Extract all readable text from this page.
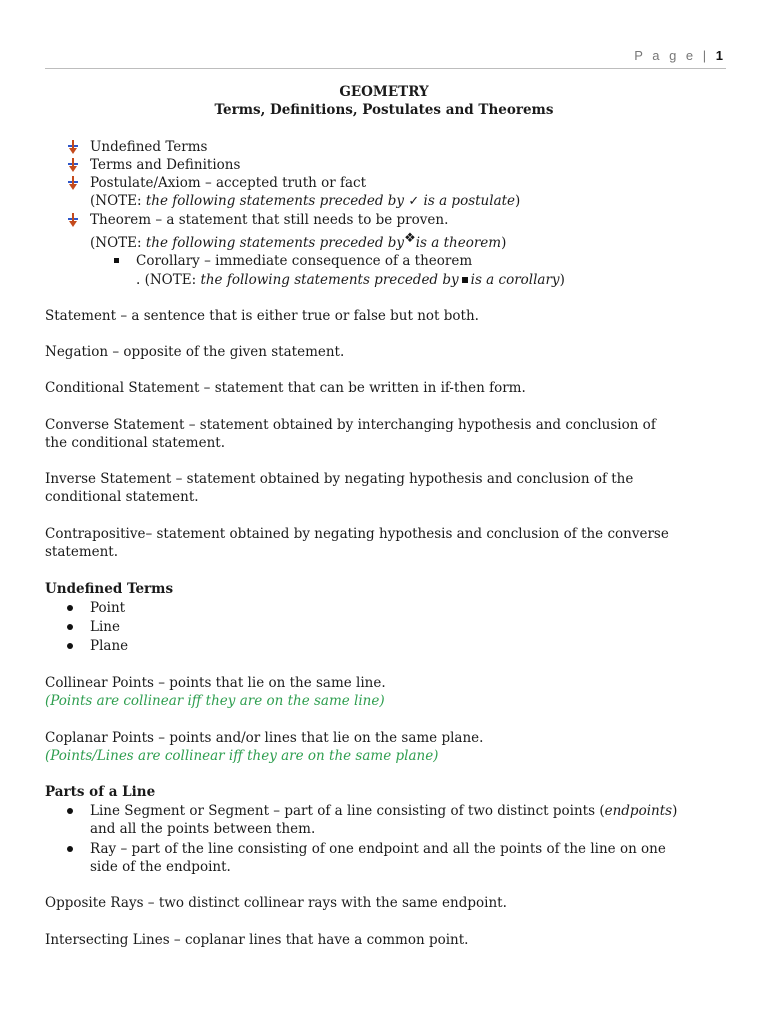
P a g e | 1
GEOMETRY
Terms, Definitions, Postulates and Theorems
Undefined Terms
Terms and Definitions
Postulate/Axiom – accepted truth or fact
(NOTE: the following statements preceded by ✓ is a postulate)
Theorem – a statement that still needs to be proven.
(NOTE: the following statements preceded by❖is a theorem)
Corollary – immediate consequence of a theorem
. (NOTE: the following statements preceded by is a corollary)
Statement – a sentence that is either true or false but not both.
Negation – opposite of the given statement.
Conditional Statement – statement that can be written in if-then form.
Converse Statement – statement obtained by interchanging hypothesis and conclusion of
the conditional statement.
Inverse Statement – statement obtained by negating hypothesis and conclusion of the
conditional statement.
Contrapositive– statement obtained by negating hypothesis and conclusion of the converse
statement.
Undefined Terms
Point
Line
Plane
Collinear Points – points that lie on the same line.
(Points are collinear iff they are on the same line)
Coplanar Points – points and/or lines that lie on the same plane.
(Points/Lines are collinear iff they are on the same plane)
Parts of a Line
Line Segment or Segment – part of a line consisting of two distinct points (endpoints)
and all the points between them.
Ray – part of the line consisting of one endpoint and all the points of the line on one
side of the endpoint.
Opposite Rays – two distinct collinear rays with the same endpoint.
Intersecting Lines – coplanar lines that have a common point.
